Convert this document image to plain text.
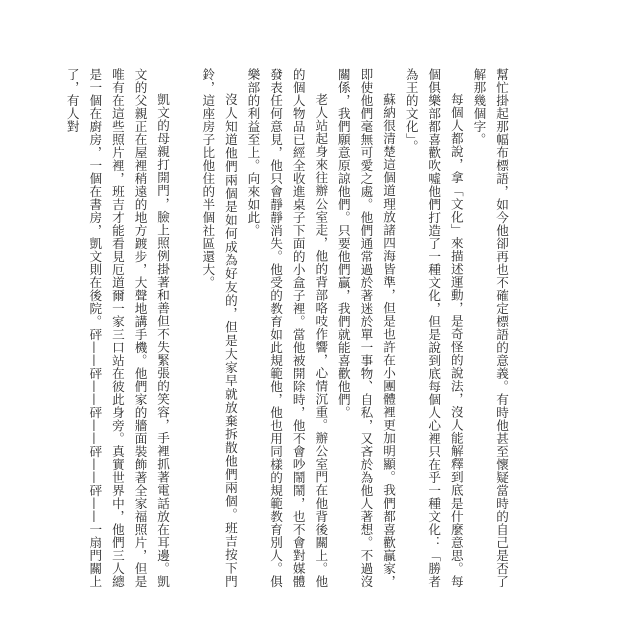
幫忙掛起那幅布標語，如今他卻再也不確定標語的意義。有時他甚至懷疑當時的自己是否了解那幾個字。

每個人都說，拿「文化」來描述運動，是奇怪的說法，沒人能解釋到底是什麼意思。每個俱樂部都喜歡吹噓他們打造了一種文化，但是說到底每個人心裡只在乎一種文化：「勝者為王的文化」。

蘇納很清楚這個道理放諸四海皆準，但是也許在小團體裡更加明顯。我們都喜歡贏家，即使他們毫無可愛之處。他們通常過於著迷於單一事物、自私，又吝於為他人著想。不過沒關係，我們願意原諒他們。只要他們贏，我們就能喜歡他們。

老人站起身來往辦公室走，他的背部咯吱作響，心情沉重。辦公室門在他背後關上。他的個人物品已經全收進桌子下面的小盒子裡。當他被開除時，他不會吵鬧鬧，也不會對媒體發表任何意見，他只會靜靜消失。他受的教育如此規範他，他也用同樣的規範教育別人。俱樂部的利益至上。向來如此。

沒人知道他們兩個是如何成為好友的，但是大家早就放棄拆散他們兩個。班吉按下門鈴，這座房子比他住的半個社區還大。

凱文的母親打開門，臉上照例掛著和善但不失緊張的笑容，手裡抓著電話放在耳邊。凱文的父親正在屋裡稍遠的地方踱步，大聲地講手機。他們家的牆面裝飾著全家福照片，但是唯有在這些照片裡，班吉才能看見厄道爾一家三口站在彼此身旁。真實世界中，他們三人總是一個在廚房，一個在書房，凱文則在後院。砰——砰——砰——砰——砰——一扇門關上了，有人對
